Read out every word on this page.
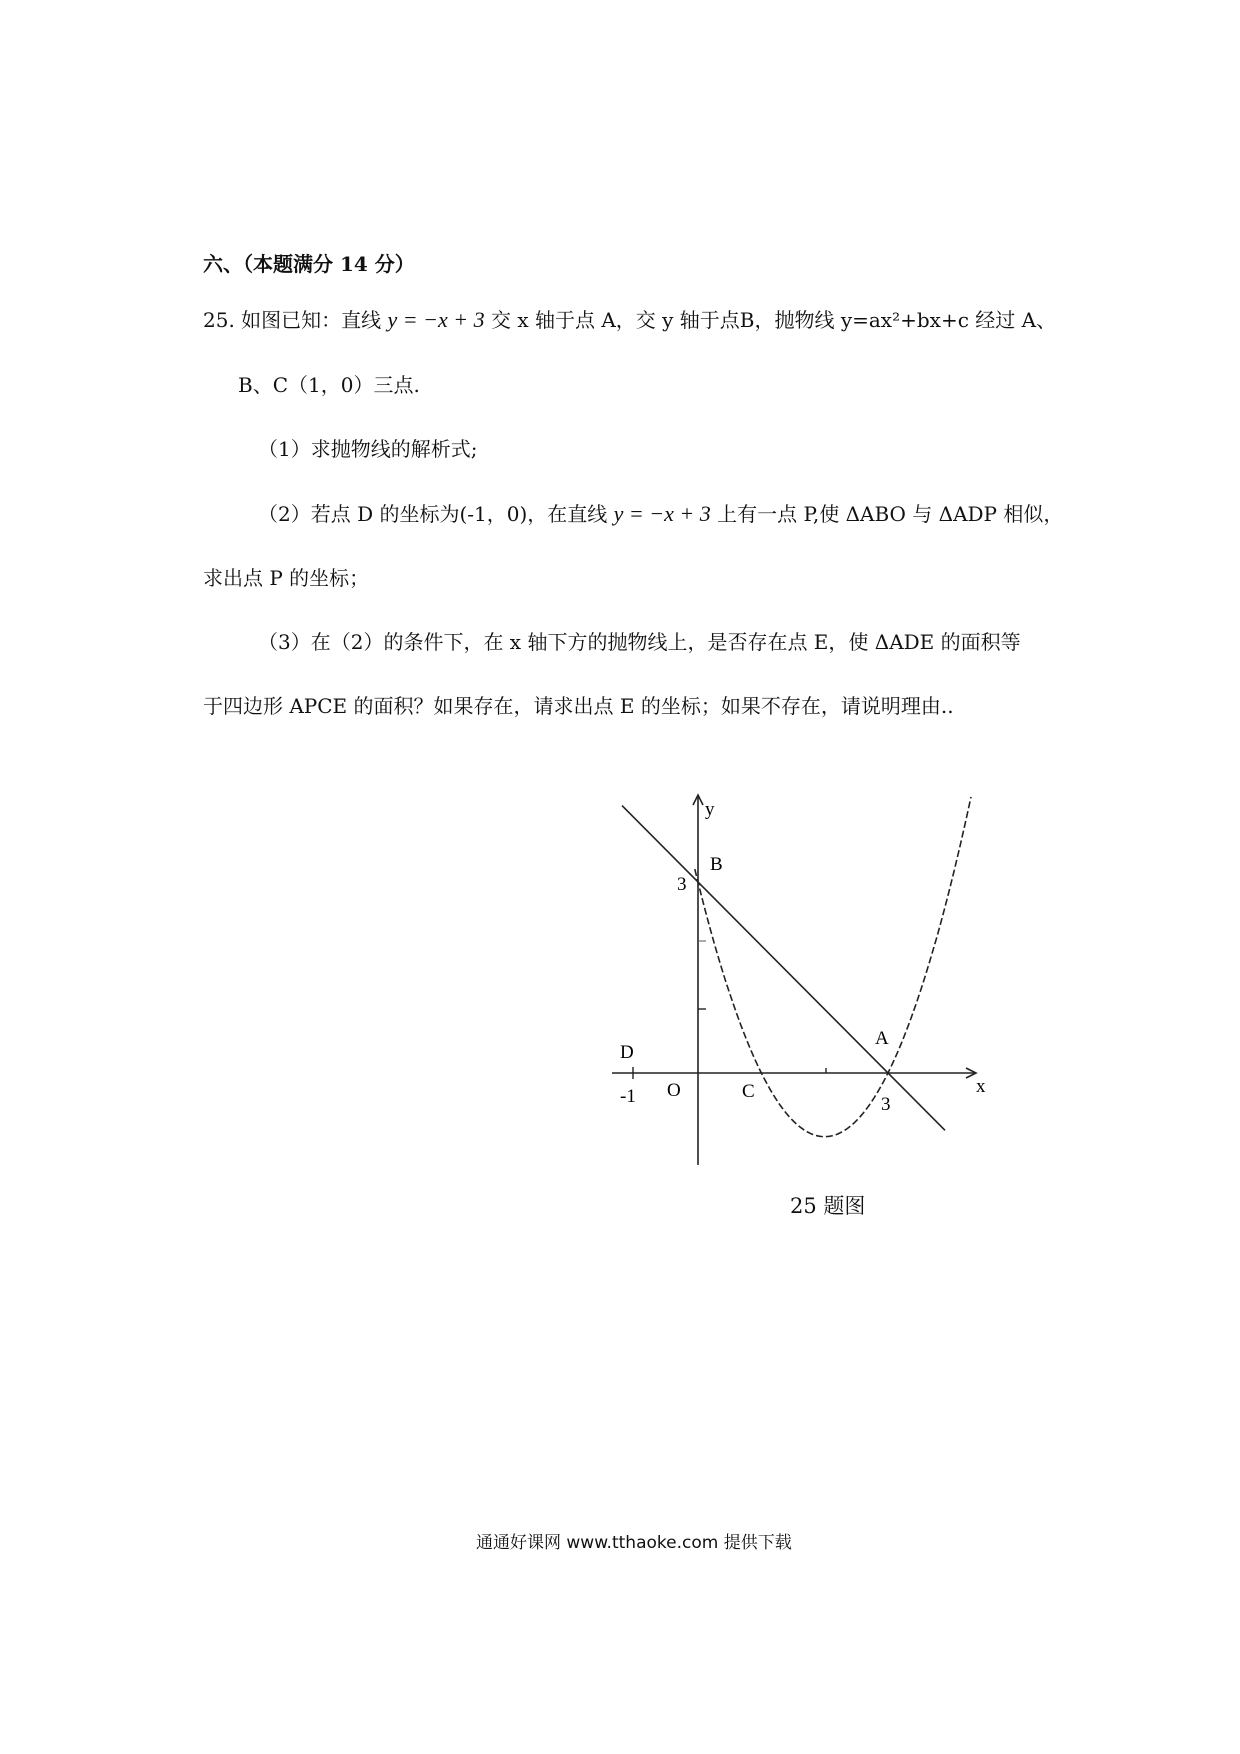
六、（本题满分 14 分）
25. 如图已知：直线 y = −x + 3 交 x 轴于点 A，交 y 轴于点B，抛物线 y=ax²+bx+c 经过 A、
B、C（1，0）三点.
（1）求抛物线的解析式;
（2）若点 D 的坐标为(-1，0)，在直线 y = −x + 3 上有一点 P,使 ΔABO 与 ΔADP 相似，
求出点 P 的坐标；
（3）在（2）的条件下，在 x 轴下方的抛物线上，是否存在点 E，使 ΔADE 的面积等
于四边形 APCE 的面积？如果存在，请求出点 E 的坐标；如果不存在，请说明理由..
y
x
B
A
C
D
O
3
3
-1
25 题图
通通好课网 www.tthaoke.com 提供下载
